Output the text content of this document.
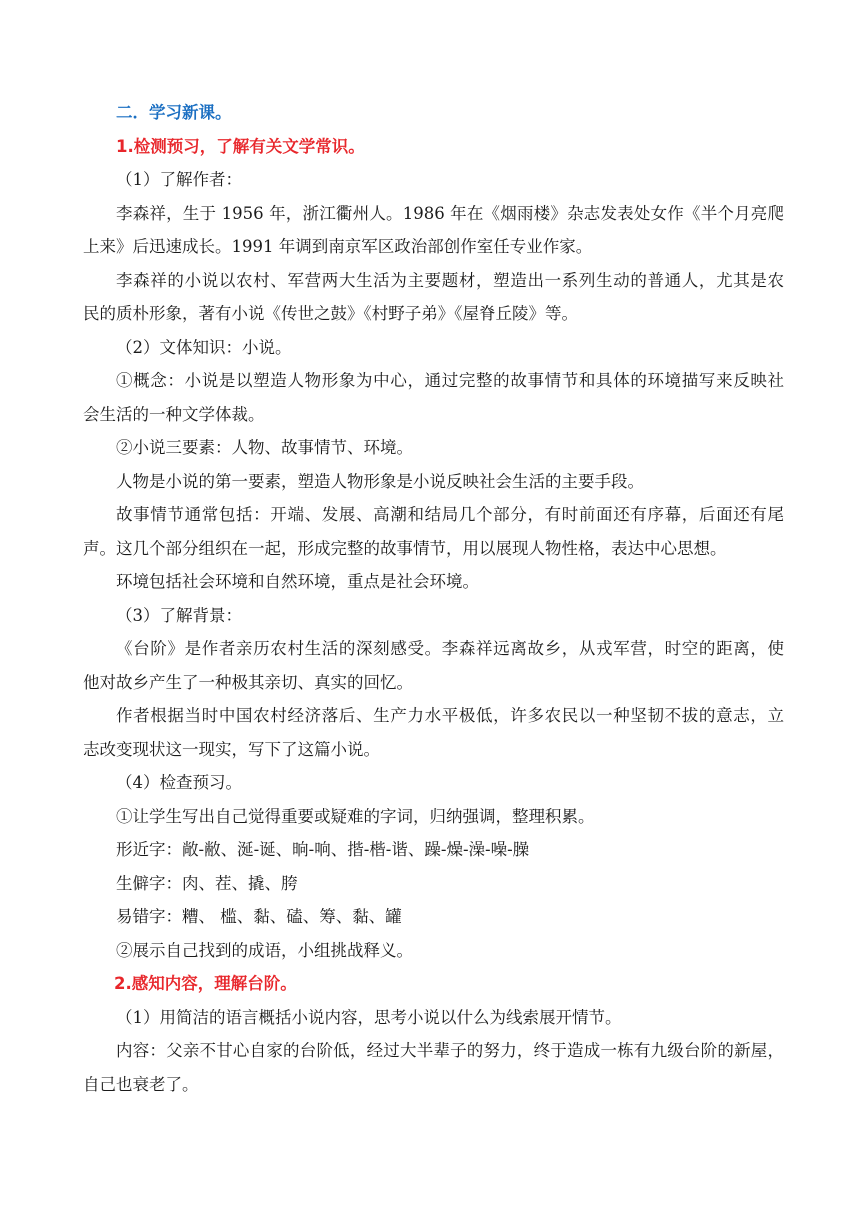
二．学习新课。
1.检测预习，了解有关文学常识。
（1）了解作者：
李森祥，生于 1956 年，浙江衢州人。1986 年在《烟雨楼》杂志发表处女作《半个月亮爬
上来》后迅速成长。1991 年调到南京军区政治部创作室任专业作家。
李森祥的小说以农村、军营两大生活为主要题材，塑造出一系列生动的普通人，尤其是农
民的质朴形象，著有小说《传世之鼓》《村野子弟》《屋脊丘陵》等。
（2）文体知识：小说。
①概念：小说是以塑造人物形象为中心，通过完整的故事情节和具体的环境描写来反映社
会生活的一种文学体裁。
②小说三要素：人物、故事情节、环境。
人物是小说的第一要素，塑造人物形象是小说反映社会生活的主要手段。
故事情节通常包括：开端、发展、高潮和结局几个部分，有时前面还有序幕，后面还有尾
声。这几个部分组织在一起，形成完整的故事情节，用以展现人物性格，表达中心思想。
环境包括社会环境和自然环境，重点是社会环境。
（3）了解背景：
《台阶》是作者亲历农村生活的深刻感受。李森祥远离故乡，从戎军营，时空的距离，使
他对故乡产生了一种极其亲切、真实的回忆。
作者根据当时中国农村经济落后、生产力水平极低，许多农民以一种坚韧不拔的意志，立
志改变现状这一现实，写下了这篇小说。
（4）检查预习。
①让学生写出自己觉得重要或疑难的字词，归纳强调，整理积累。
形近字：敞-敝、涎-诞、晌-响、揩-楷-谐、躁-燥-澡-噪-臊
生僻字：肉、茬、撬、胯
易错字：糟、 槛、黏、磕、筹、黏、罐
②展示自己找到的成语，小组挑战释义。
2.感知内容，理解台阶。
（1）用简洁的语言概括小说内容，思考小说以什么为线索展开情节。
内容：父亲不甘心自家的台阶低，经过大半辈子的努力，终于造成一栋有九级台阶的新屋，
自己也衰老了。
